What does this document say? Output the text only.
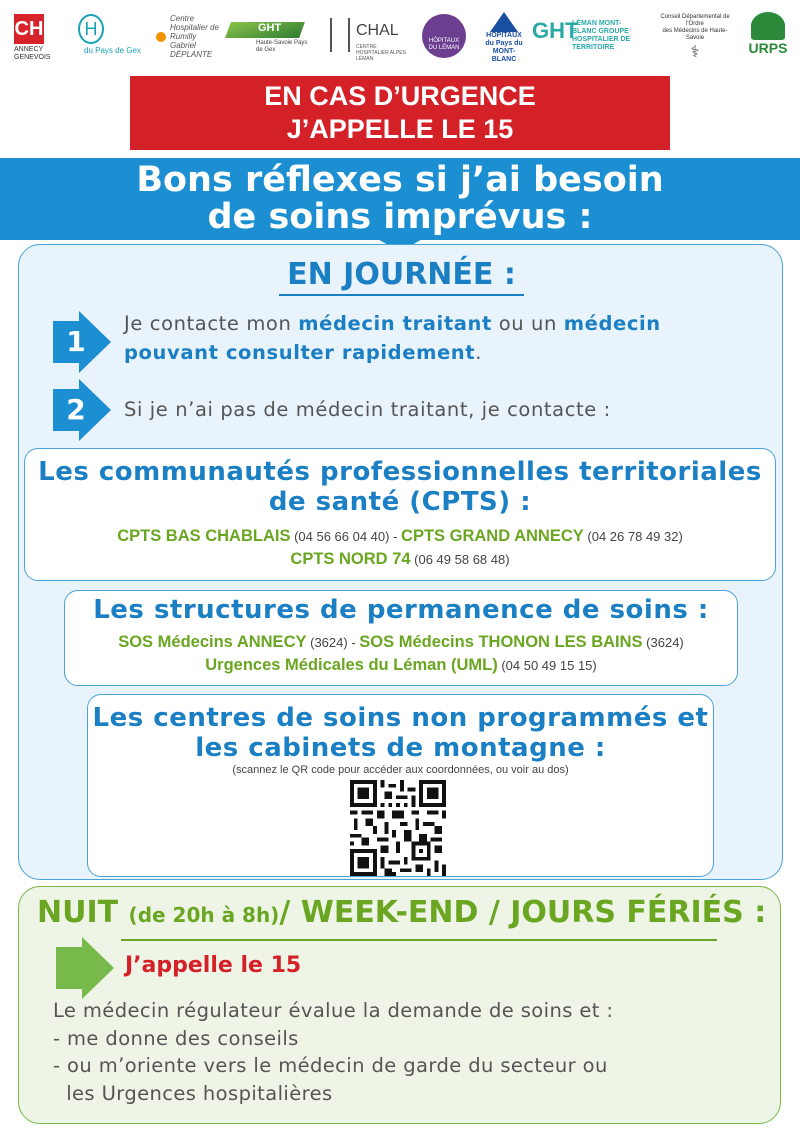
CH
ANNECY GENEVOIS
H
du Pays de Gex
Centre Hospitalier de Rumilly
Gabriel DÉPLANTE
GHT
Haute-Savoie Pays de Gex
CHAL
CENTRE HOSPITALIER ALPES LÉMAN
HÔPITAUX
DU LÉMAN
HOPITAUX
du Pays du MONT-BLANC
GHT
LÉMAN MONT-BLANC GROUPE HOSPITALIER DE TERRITOIRE
Conseil Départemental de l'Ordre
des Médecins de Haute-Savoie
⚕	URPS
EN CAS D’URGENCE
J’APPELLE LE 15
Bons réflexes si j’ai besoin
de soins imprévus :
EN JOURNÉE :
1
Je contacte mon médecin traitant ou un médecin
pouvant consulter rapidement.
2 Si je n’ai pas de médecin traitant, je contacte :
Les communautés professionnelles territoriales
de santé (CPTS) :
CPTS BAS CHABLAIS (04 56 66 04 40) - CPTS GRAND ANNECY (04 26 78 49 32)
CPTS NORD 74 (06 49 58 68 48)
Les structures de permanence de soins :
SOS Médecins ANNECY (3624) - SOS Médecins THONON LES BAINS (3624)
Urgences Médicales du Léman (UML) (04 50 49 15 15)
Les centres de soins non programmés et
les cabinets de montagne :
(scannez le QR code pour accéder aux coordonnées, ou voir au dos)
NUIT (de 20h à 8h)/ WEEK-END / JOURS FÉRIÉS :
J’appelle le 15
Le médecin régulateur évalue la demande de soins et :
- me donne des conseils
- ou m’oriente vers le médecin de garde du secteur ou
les Urgences hospitalières
